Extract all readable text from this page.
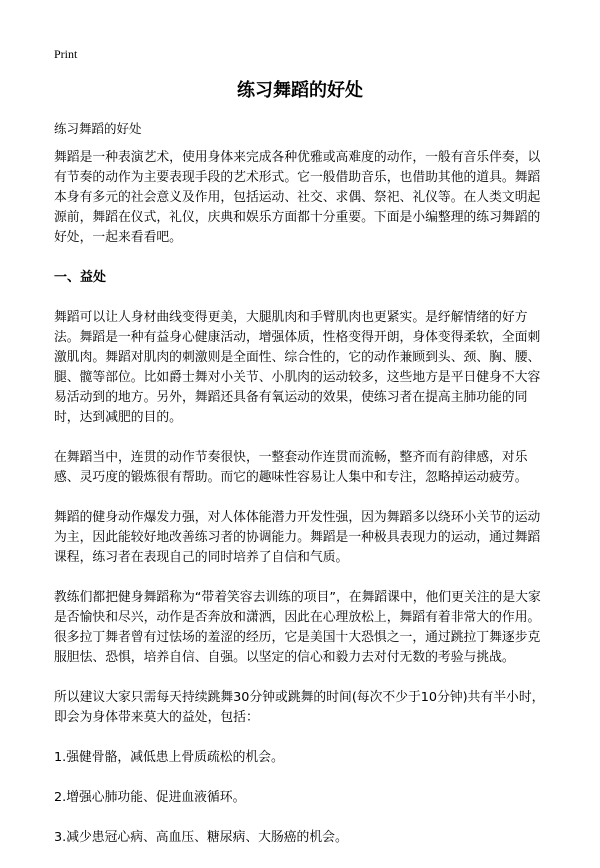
Print
练习舞蹈的好处
练习舞蹈的好处

舞蹈是一种表演艺术，使用身体来完成各种优雅或高难度的动作，一般有音乐伴奏，以有节奏的动作为主要表现手段的艺术形式。它一般借助音乐，也借助其他的道具。舞蹈本身有多元的社会意义及作用，包括运动、社交、求偶、祭祀、礼仪等。在人类文明起源前，舞蹈在仪式，礼仪，庆典和娱乐方面都十分重要。下面是小编整理的练习舞蹈的好处，一起来看看吧。

一、益处

舞蹈可以让人身材曲线变得更美，大腿肌肉和手臂肌肉也更紧实。是纾解情绪的好方法。舞蹈是一种有益身心健康活动，增强体质，性格变得开朗，身体变得柔软，全面刺激肌肉。舞蹈对肌肉的刺激则是全面性、综合性的，它的动作兼顾到头、颈、胸、腰、腿、髋等部位。比如爵士舞对小关节、小肌肉的运动较多，这些地方是平日健身不大容易活动到的地方。另外，舞蹈还具备有氧运动的效果，使练习者在提高主肺功能的同时，达到减肥的目的。

在舞蹈当中，连贯的动作节奏很快，一整套动作连贯而流畅，整齐而有韵律感，对乐感、灵巧度的锻炼很有帮助。而它的趣味性容易让人集中和专注，忽略掉运动疲劳。

舞蹈的健身动作爆发力强，对人体体能潜力开发性强，因为舞蹈多以绕环小关节的运动为主，因此能较好地改善练习者的协调能力。舞蹈是一种极具表现力的运动，通过舞蹈课程，练习者在表现自己的同时培养了自信和气质。

教练们都把健身舞蹈称为“带着笑容去训练的项目”，在舞蹈课中，他们更关注的是大家是否愉快和尽兴，动作是否奔放和潇洒，因此在心理放松上，舞蹈有着非常大的作用。很多拉丁舞者曾有过怯场的羞涩的经历，它是美国十大恐惧之一，通过跳拉丁舞逐步克服胆怯、恐惧，培养自信、自强。以坚定的信心和毅力去对付无数的考验与挑战。

所以建议大家只需每天持续跳舞30分钟或跳舞的时间(每次不少于10分钟)共有半小时，即会为身体带来莫大的益处，包括：

1.强健骨骼，减低患上骨质疏松的机会。

2.增强心肺功能、促进血液循环。

3.减少患冠心病、高血压、糖尿病、大肠癌的机会。
